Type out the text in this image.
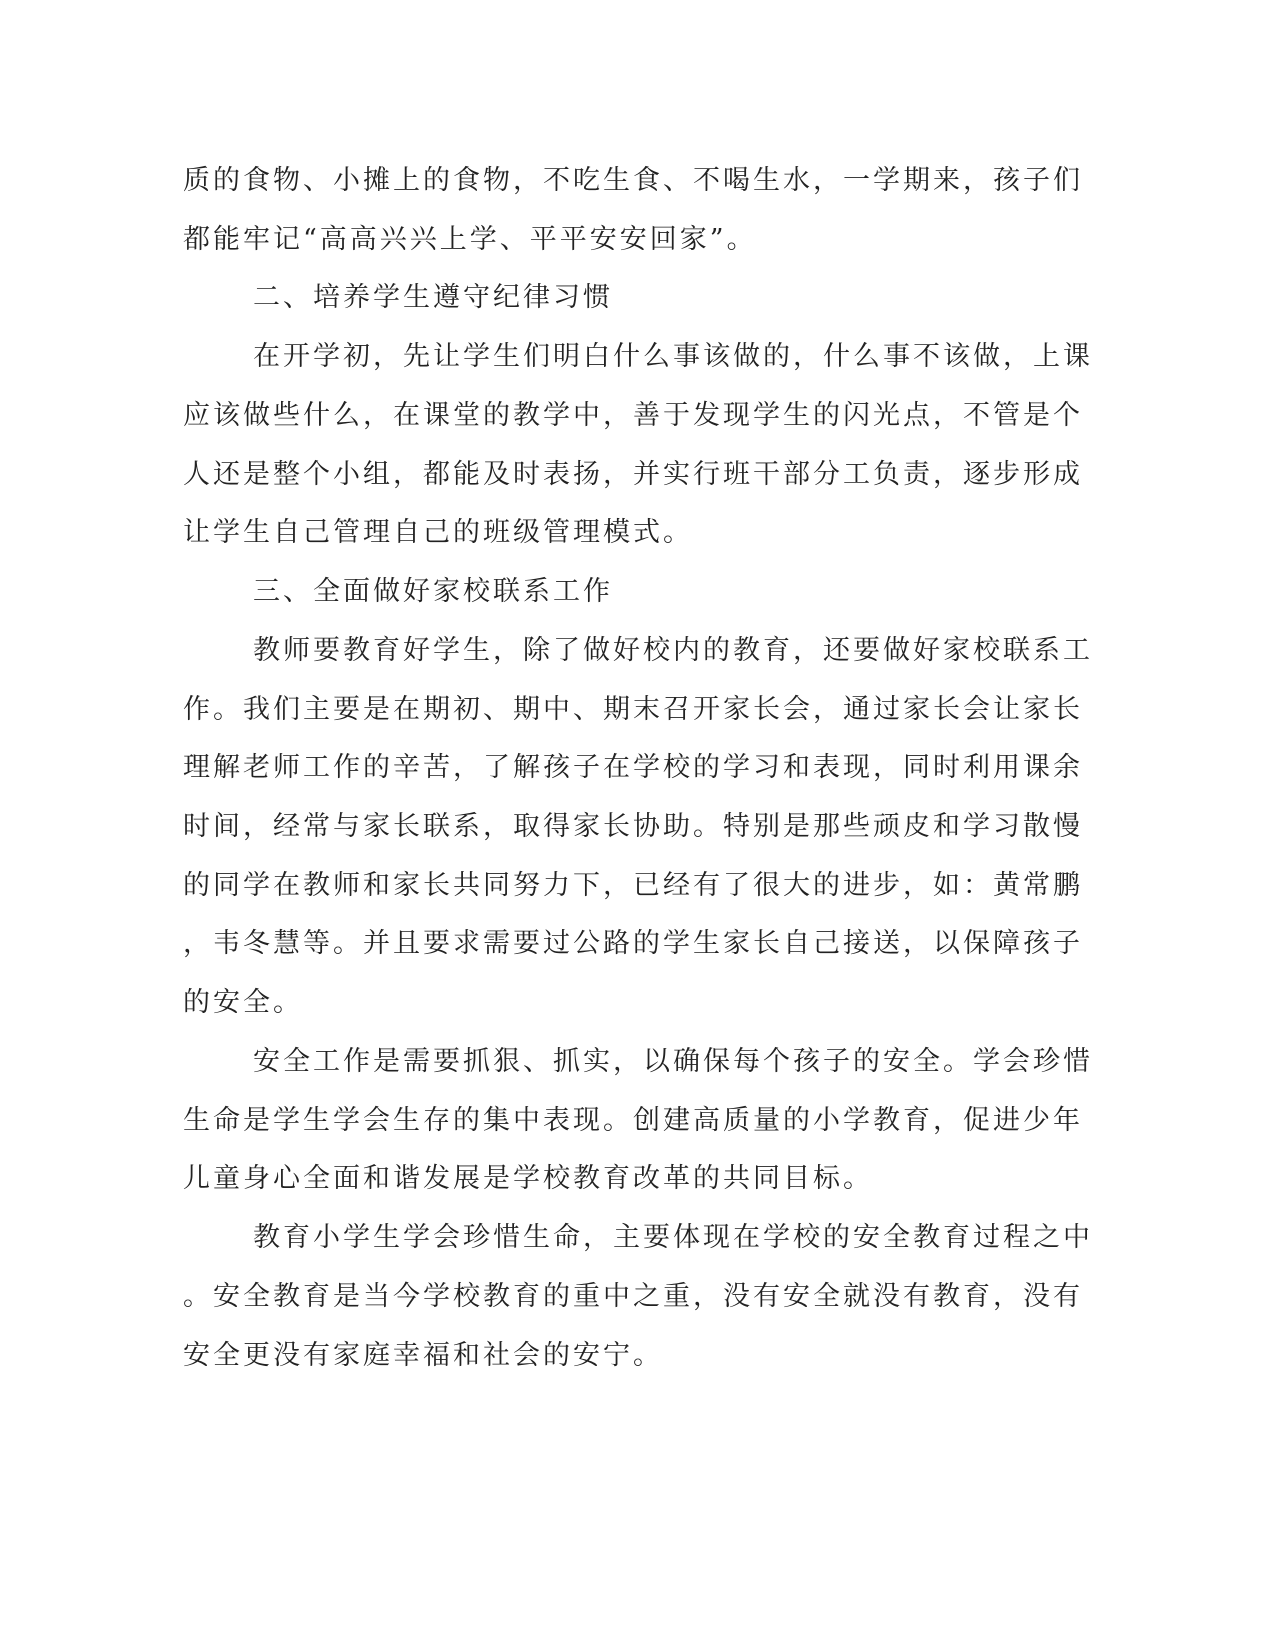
质的食物、小摊上的食物，不吃生食、不喝生水，一学期来，孩子们

都能牢记“高高兴兴上学、平平安安回家”。

二、培养学生遵守纪律习惯

在开学初，先让学生们明白什么事该做的，什么事不该做，上课

应该做些什么，在课堂的教学中，善于发现学生的闪光点，不管是个

人还是整个小组，都能及时表扬，并实行班干部分工负责，逐步形成

让学生自己管理自己的班级管理模式。

三、全面做好家校联系工作

教师要教育好学生，除了做好校内的教育，还要做好家校联系工

作。我们主要是在期初、期中、期末召开家长会，通过家长会让家长

理解老师工作的辛苦，了解孩子在学校的学习和表现，同时利用课余

时间，经常与家长联系，取得家长协助。特别是那些顽皮和学习散慢

的同学在教师和家长共同努力下，已经有了很大的进步，如：黄常鹏

，韦冬慧等。并且要求需要过公路的学生家长自己接送，以保障孩子

的安全。

安全工作是需要抓狠、抓实，以确保每个孩子的安全。学会珍惜

生命是学生学会生存的集中表现。创建高质量的小学教育，促进少年

儿童身心全面和谐发展是学校教育改革的共同目标。

教育小学生学会珍惜生命，主要体现在学校的安全教育过程之中

。安全教育是当今学校教育的重中之重，没有安全就没有教育，没有

安全更没有家庭幸福和社会的安宁。
